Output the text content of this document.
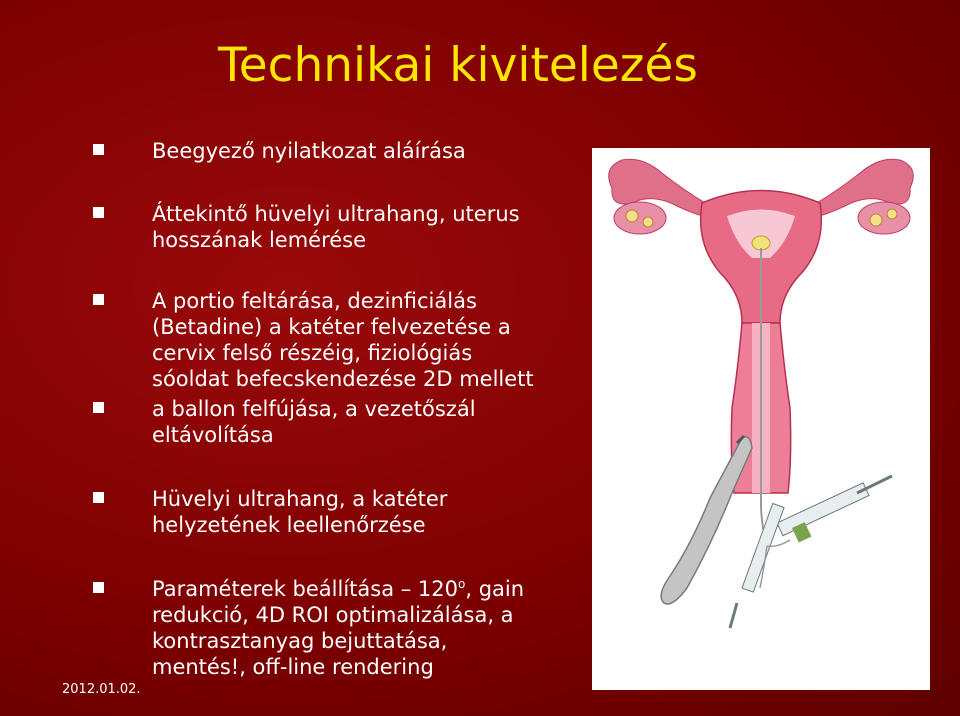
Technikai kivitelezés
Beegyező nyilatkozat aláírása
Áttekintő hüvelyi ultrahang, uterus
hosszának lemérése
A portio feltárása, dezinficiálás
(Betadine) a katéter felvezetése a
cervix felső részéig, fiziológiás
sóoldat befecskendezése 2D mellett
a ballon felfújása, a vezetőszál
eltávolítása
Hüvelyi ultrahang, a katéter
helyzetének leellenőrzése
Paraméterek beállítása – 120$^o$, gain
redukció, 4D ROI optimalizálása, a
kontrasztanyag bejuttatása,
mentés!, off-line rendering
2012.01.02.
